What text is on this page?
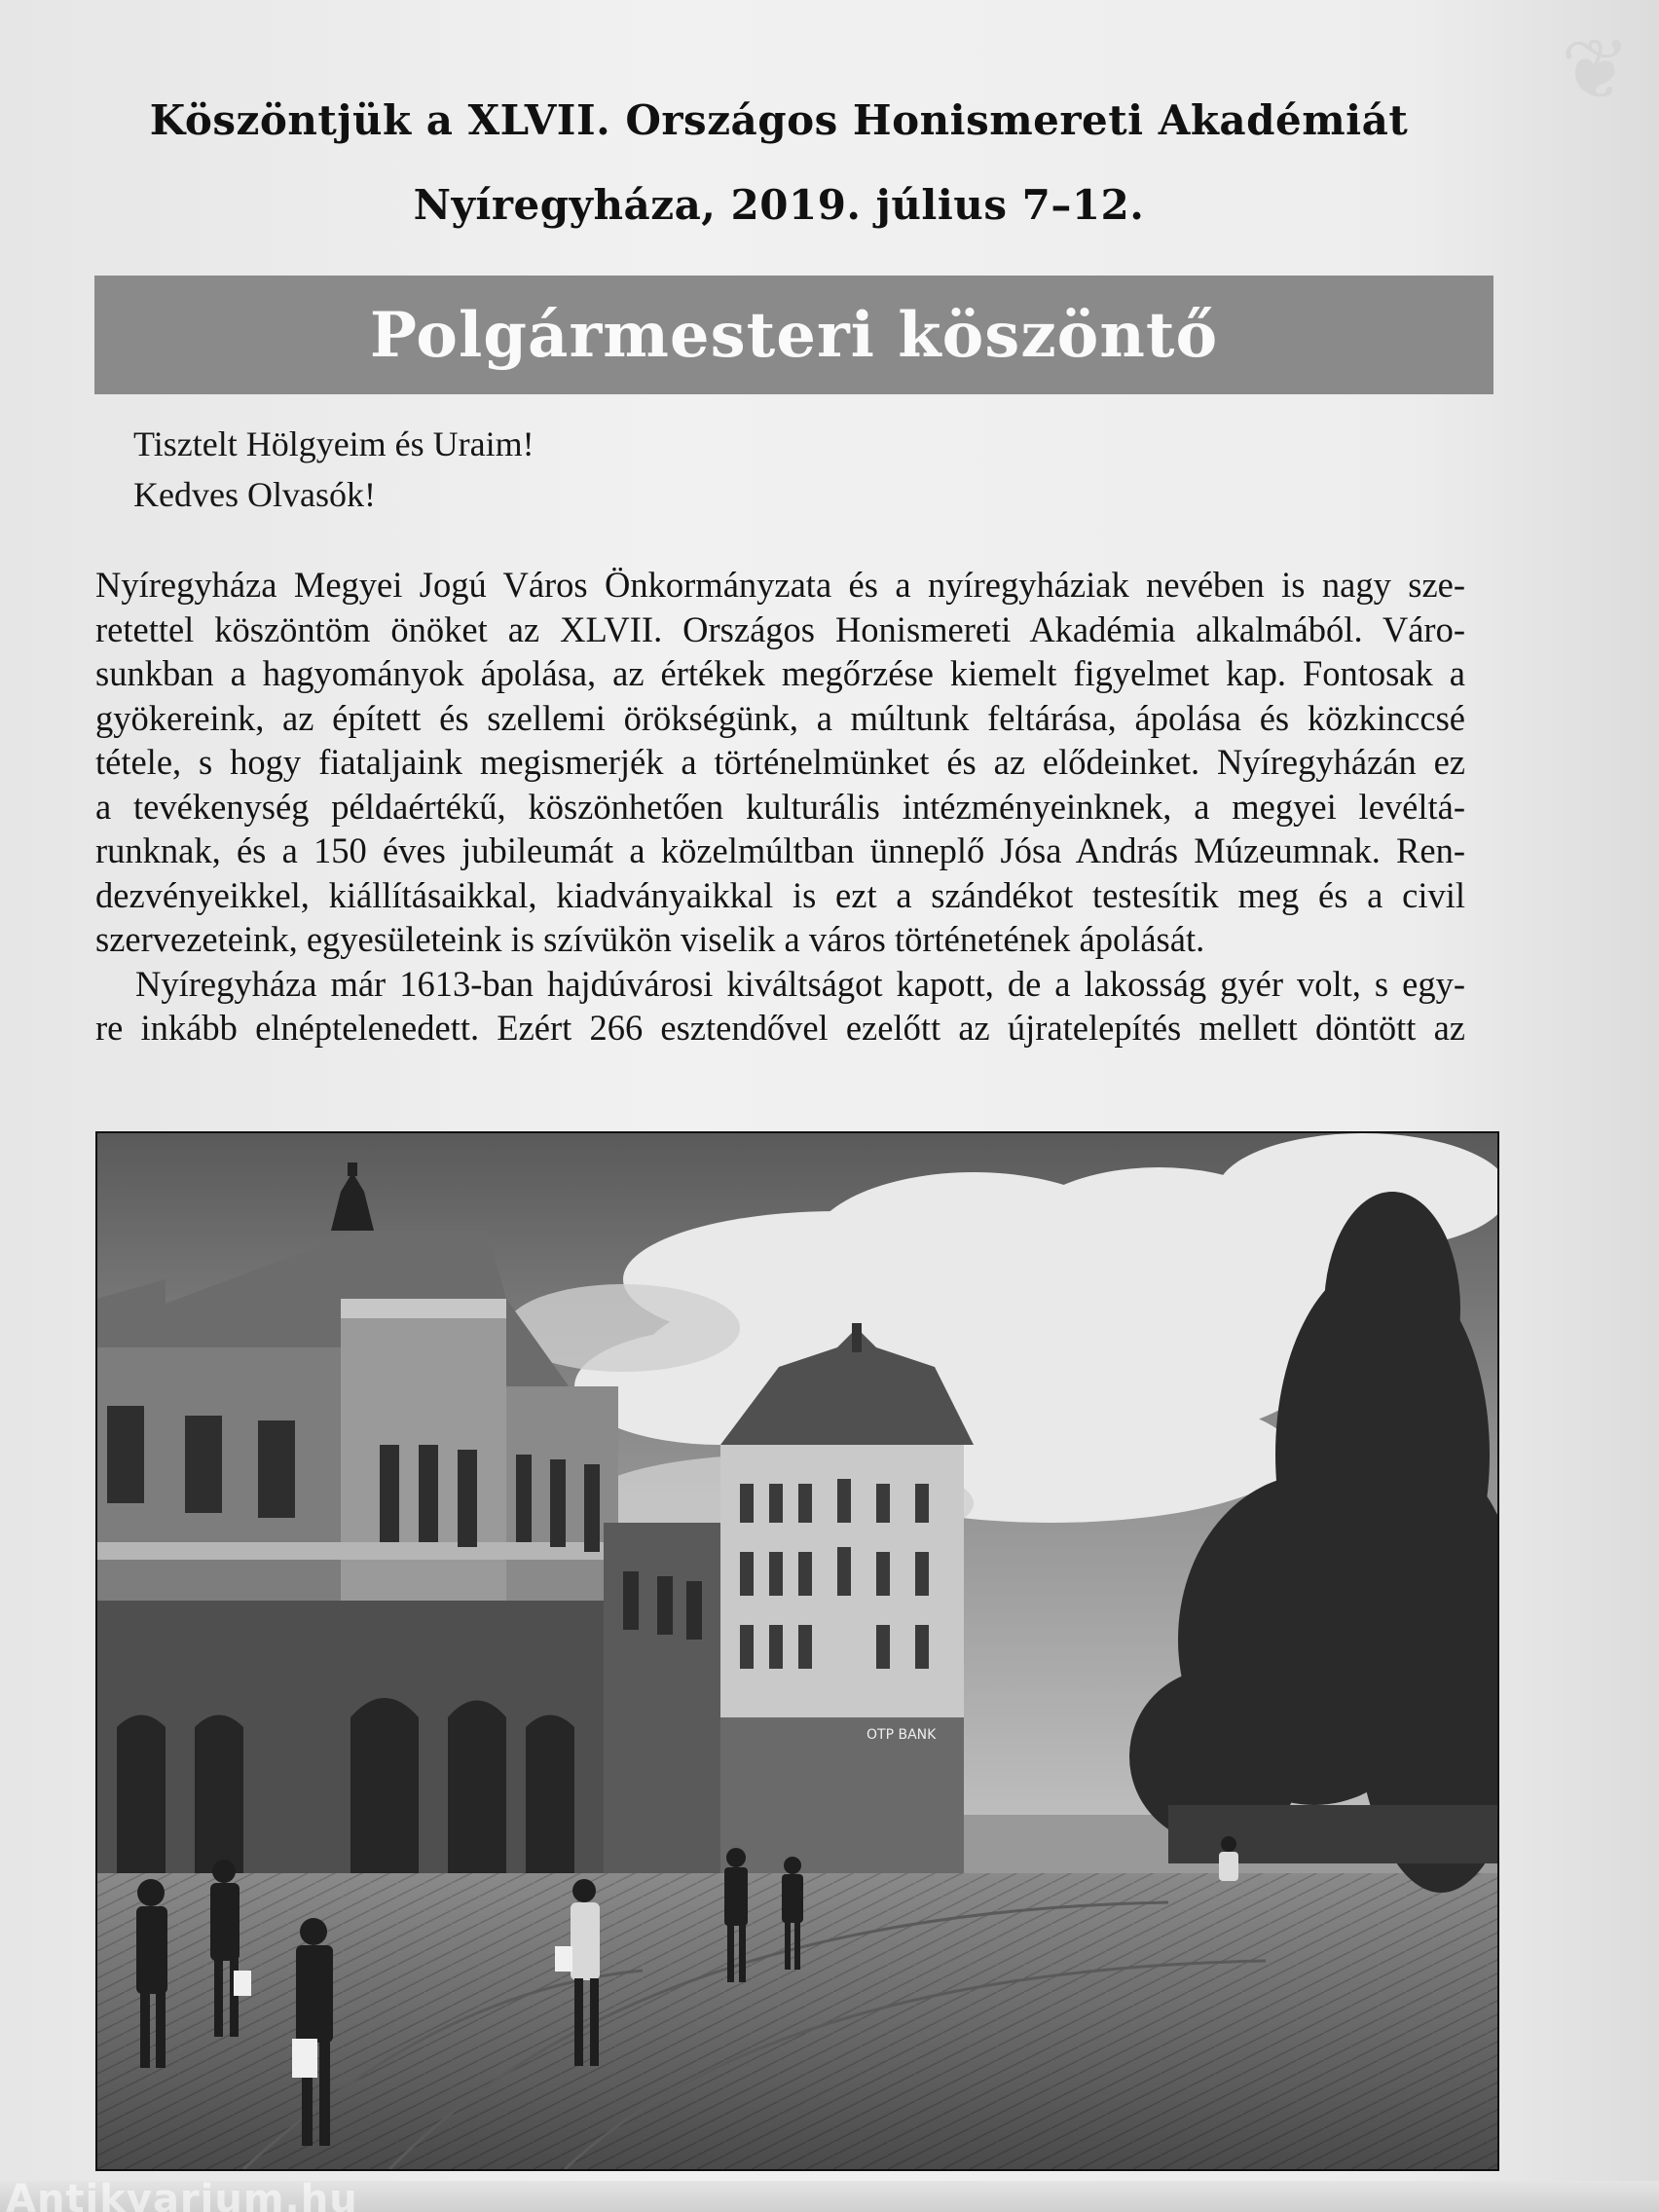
❦
Köszöntjük a XLVII. Országos Honismereti Akadémiát
Nyíregyháza, 2019. július 7–12.
Polgármesteri köszöntő
Tisztelt Hölgyeim és Uraim!
Kedves Olvasók!
Nyíregyháza Megyei Jogú Város Önkormányzata és a nyíregyháziak nevében is nagy sze-
retettel köszöntöm önöket az XLVII. Országos Honismereti Akadémia alkalmából. Váro-
sunkban a hagyományok ápolása, az értékek megőrzése kiemelt figyelmet kap. Fontosak a
gyökereink, az épített és szellemi örökségünk, a múltunk feltárása, ápolása és közkinccsé
tétele, s hogy fiataljaink megismerjék a történelmünket és az elődeinket. Nyíregyházán ez
a tevékenység példaértékű, köszönhetően kulturális intézményeinknek, a megyei levéltá-
runknak, és a 150 éves jubileumát a közelmúltban ünneplő Jósa András Múzeumnak. Ren-
dezvényeikkel, kiállításaikkal, kiadványaikkal is ezt a szándékot testesítik meg és a civil
szervezeteink, egyesületeink is szívükön viselik a város történetének ápolását.
Nyíregyháza már 1613-ban hajdúvárosi kiváltságot kapott, de a lakosság gyér volt, s egy-
re inkább elnéptelenedett. Ezért 266 esztendővel ezelőtt az újratelepítés mellett döntött az
OTP BANK
Antikvarium.hu
